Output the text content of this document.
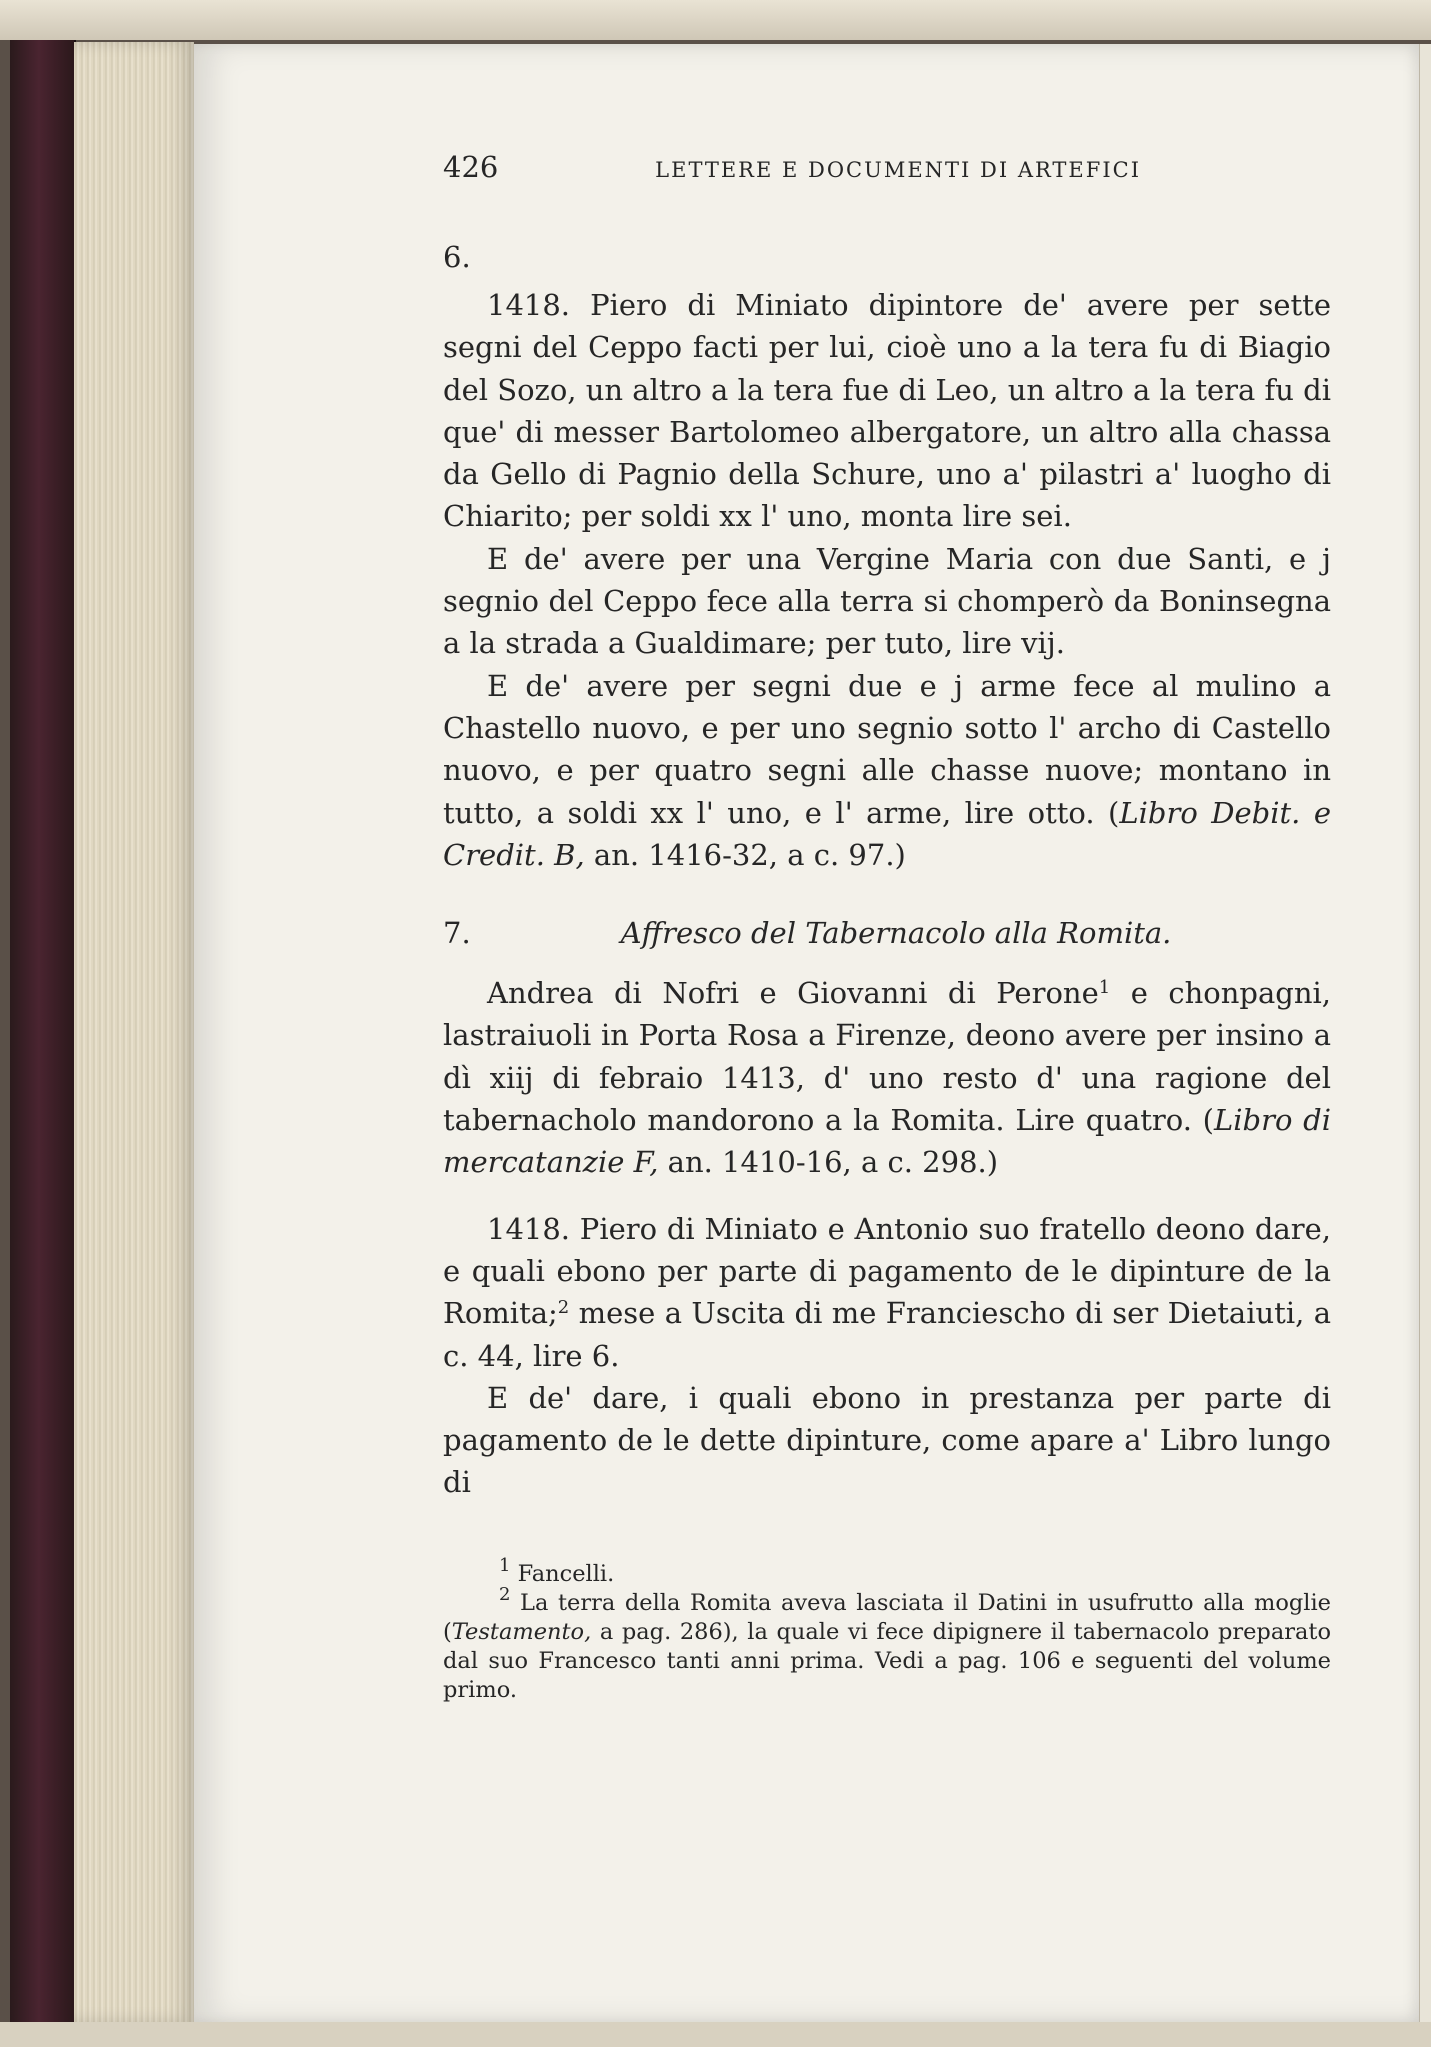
426	LETTERE E DOCUMENTI DI ARTEFICI
6.

1418. Piero di Miniato dipintore de' avere per sette segni del Ceppo facti per lui, cioè uno a la tera fu di Biagio del Sozo, un altro a la tera fue di Leo, un altro a la tera fu di que' di messer Bartolomeo albergatore, un altro alla chassa da Gello di Pagnio della Schure, uno a' pilastri a' luogho di Chiarito; per soldi xx l' uno, monta lire sei.

E de' avere per una Vergine Maria con due Santi, e j segnio del Ceppo fece alla terra si chomperò da Boninsegna a la strada a Gualdimare; per tuto, lire vij.

E de' avere per segni due e j arme fece al mulino a Chastello nuovo, e per uno segnio sotto l' archo di Castello nuovo, e per quatro segni alle chasse nuove; montano in tutto, a soldi xx l' uno, e l' arme, lire otto. (Libro Debit. e Credit. B, an. 1416-32, a c. 97.)

7.	Affresco del Tabernacolo alla Romita.

Andrea di Nofri e Giovanni di Perone$^1$ e chonpagni, lastraiuoli in Porta Rosa a Firenze, deono avere per insino a dì xiij di febraio 1413, d' uno resto d' una ragione del tabernacholo mandorono a la Romita. Lire quatro. (Libro di mercatanzie F, an. 1410-16, a c. 298.)

1418. Piero di Miniato e Antonio suo fratello deono dare, e quali ebono per parte di pagamento de le dipinture de la Romita;$^2$ mese a Uscita di me Franciescho di ser Dietaiuti, a c. 44, lire 6.

E de' dare, i quali ebono in prestanza per parte di pagamento de le dette dipinture, come apare a' Libro lungo di

$^1$ Fancelli.

$^2$ La terra della Romita aveva lasciata il Datini in usufrutto alla moglie (Testamento, a pag. 286), la quale vi fece dipignere il tabernacolo preparato dal suo Francesco tanti anni prima. Vedi a pag. 106 e seguenti del volume primo.
